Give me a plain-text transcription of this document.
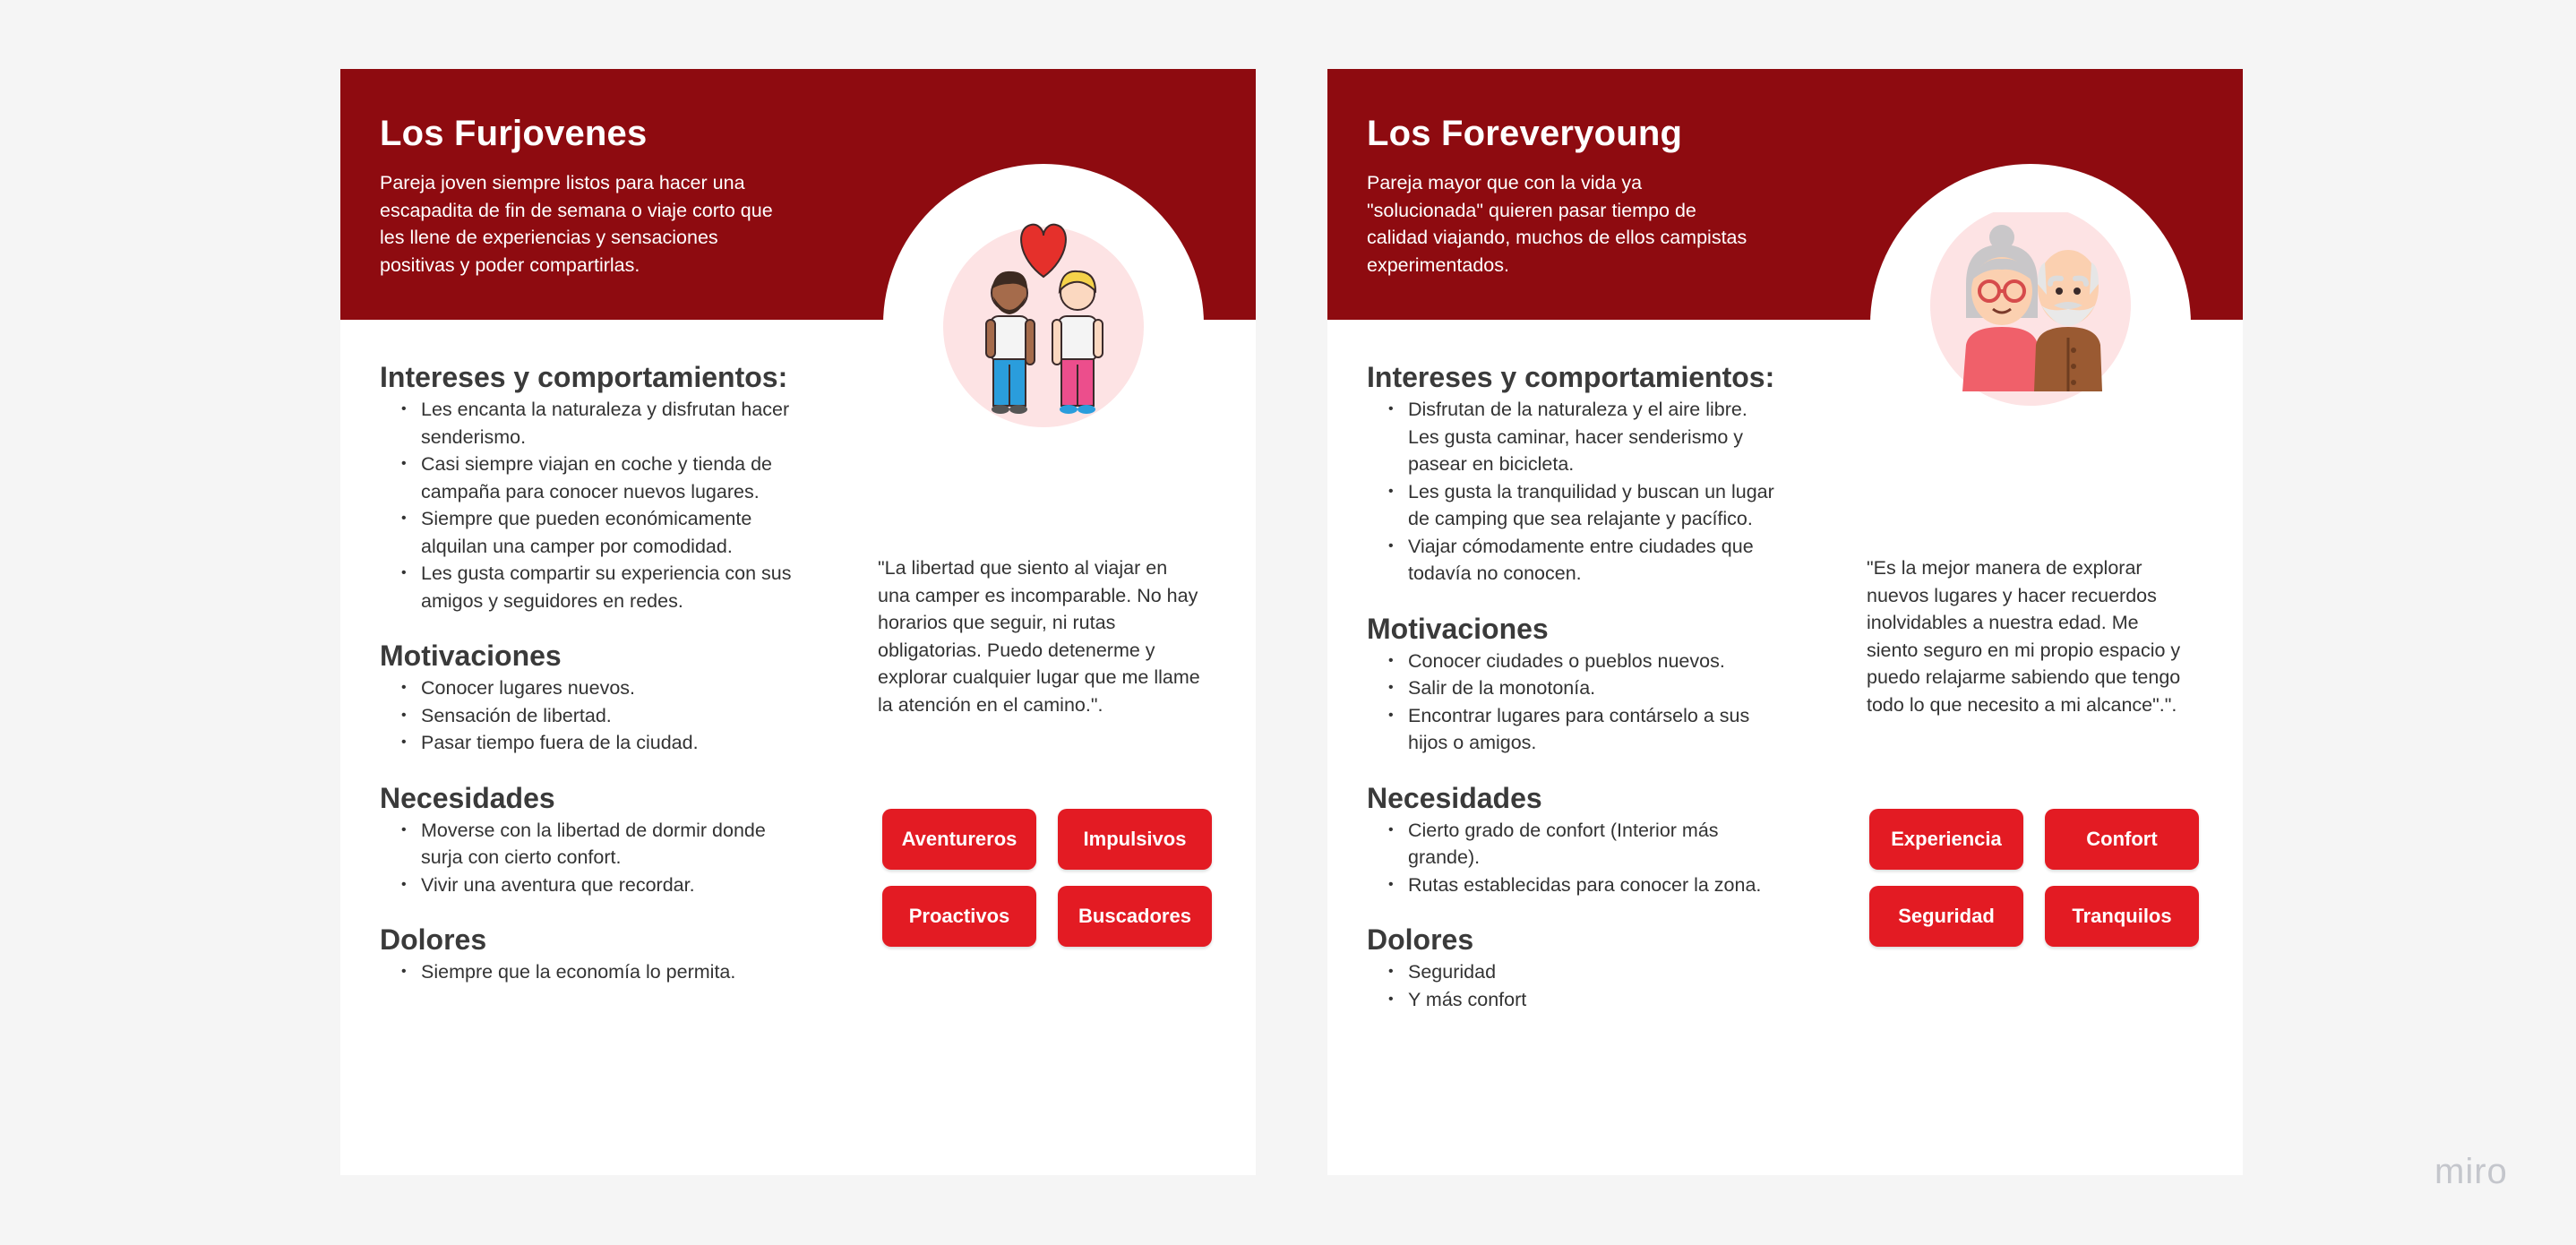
Los Furjovenes

Pareja joven siempre listos para hacer una escapadita de fin de semana o viaje corto que les llene de experiencias y sensaciones positivas y poder compartirlas.

Intereses y comportamientos:
• Les encanta la naturaleza y disfrutan hacer senderismo.
• Casi siempre viajan en coche y tienda de campaña para conocer nuevos lugares.
• Siempre que pueden económicamente alquilan una camper por comodidad.
• Les gusta compartir su experiencia con sus amigos y seguidores en redes.
Motivaciones
• Conocer lugares nuevos.
• Sensación de libertad.
• Pasar tiempo fuera de la ciudad.
Necesidades
• Moverse con la libertad de dormir donde surja con cierto confort.
• Vivir una aventura que recordar.
Dolores
• Siempre que la economía lo permita.

"La libertad que siento al viajar en una camper es incomparable. No hay horarios que seguir, ni rutas obligatorias. Puedo detenerme y explorar cualquier lugar que me llame la atención en el camino.".

Aventureros	Impulsivos
Proactivos	Buscadores
Los Foreveryoung

Pareja mayor que con la vida ya "solucionada" quieren pasar tiempo de calidad viajando, muchos de ellos campistas experimentados.

Intereses y comportamientos:
• Disfrutan de la naturaleza y el aire libre. Les gusta caminar, hacer senderismo y pasear en bicicleta.
• Les gusta la tranquilidad y buscan un lugar de camping que sea relajante y pacífico.
• Viajar cómodamente entre ciudades que todavía no conocen.
Motivaciones
• Conocer ciudades o pueblos nuevos.
• Salir de la monotonía.
• Encontrar lugares para contárselo a sus hijos o amigos.
Necesidades
• Cierto grado de confort (Interior más grande).
• Rutas establecidas para conocer la zona.
Dolores
• Seguridad
• Y más confort

"Es la mejor manera de explorar nuevos lugares y hacer recuerdos inolvidables a nuestra edad. Me siento seguro en mi propio espacio y puedo relajarme sabiendo que tengo todo lo que necesito a mi alcance".".

Experiencia	Confort
Seguridad	Tranquilos
miro
